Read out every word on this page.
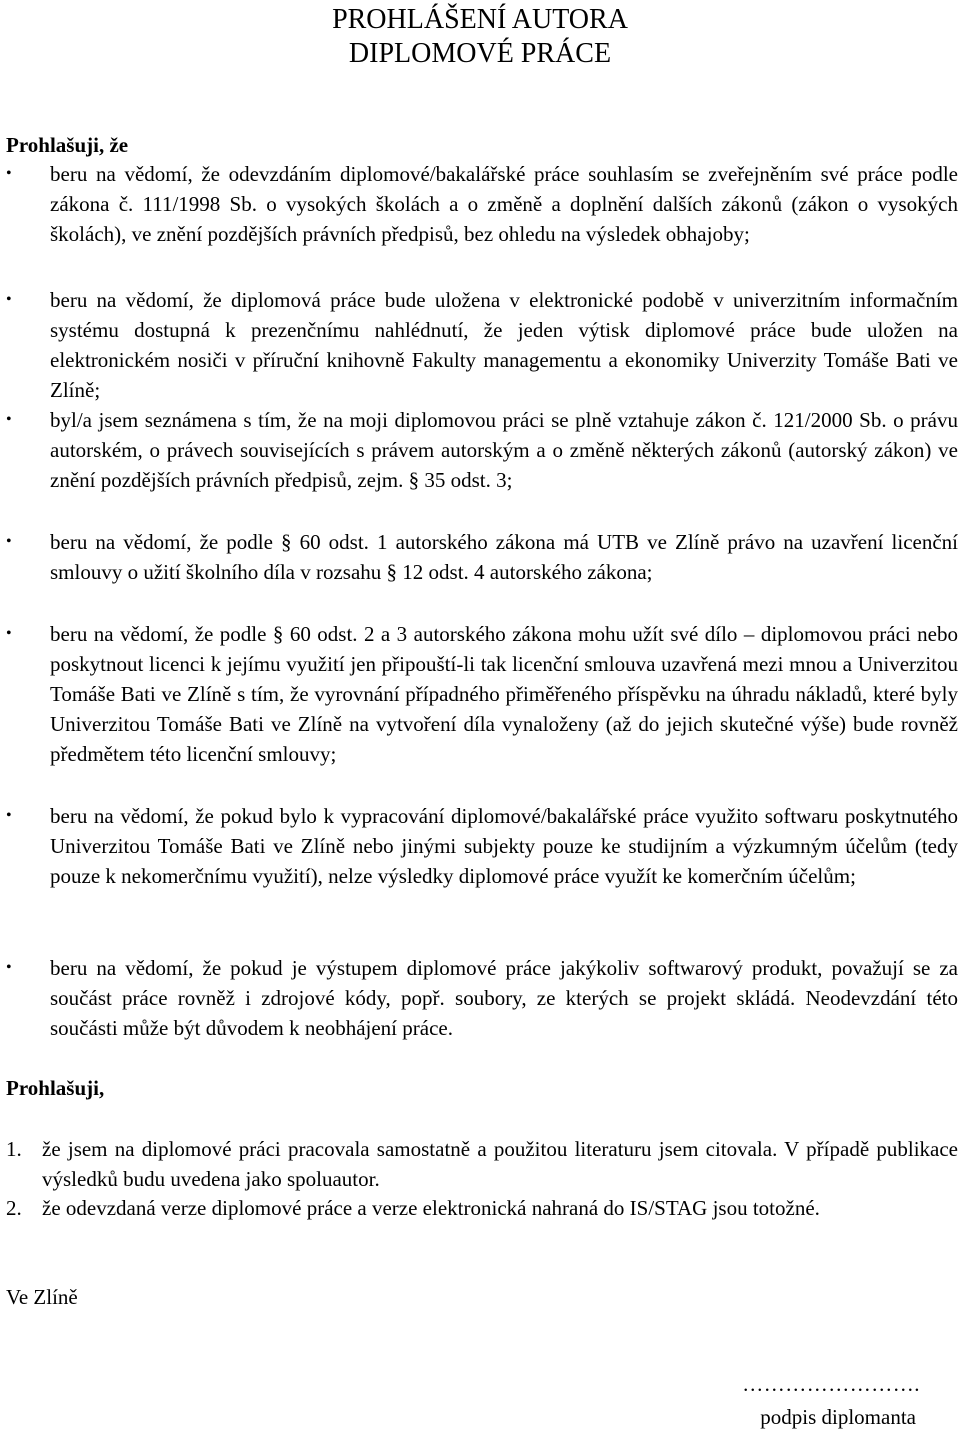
PROHLÁŠENÍ AUTORA
DIPLOMOVÉ PRÁCE
Prohlašuji, že
• beru na vědomí, že odevzdáním diplomové/bakalářské práce souhlasím se zveřejněním své práce podle zákona č. 111/1998 Sb. o vysokých školách a o změně a doplnění dalších zákonů (zákon o vysokých školách), ve znění pozdějších právních předpisů, bez ohledu na výsledek obhajoby;
• beru na vědomí, že diplomová práce bude uložena v elektronické podobě v univerzitním informačním systému dostupná k prezenčnímu nahlédnutí, že jeden výtisk diplomové práce bude uložen na elektronickém nosiči v příruční knihovně Fakulty managementu a ekonomiky Univerzity Tomáše Bati ve Zlíně;
• byl/a jsem seznámena s tím, že na moji diplomovou práci se plně vztahuje zákon č. 121/2000 Sb. o právu autorském, o právech souvisejících s právem autorským a o změně některých zákonů (autorský zákon) ve znění pozdějších právních předpisů, zejm. § 35 odst. 3;
• beru na vědomí, že podle § 60 odst. 1 autorského zákona má UTB ve Zlíně právo na uzavření licenční smlouvy o užití školního díla v rozsahu § 12 odst. 4 autorského zákona;
• beru na vědomí, že podle § 60 odst. 2 a 3 autorského zákona mohu užít své dílo – diplomovou práci nebo poskytnout licenci k jejímu využití jen připouští-li tak licenční smlouva uzavřená mezi mnou a Univerzitou Tomáše Bati ve Zlíně s tím, že vyrovnání případného přiměřeného příspěvku na úhradu nákladů, které byly Univerzitou Tomáše Bati ve Zlíně na vytvoření díla vynaloženy (až do jejich skutečné výše) bude rovněž předmětem této licenční smlouvy;
• beru na vědomí, že pokud bylo k vypracování diplomové/bakalářské práce využito softwaru poskytnutého Univerzitou Tomáše Bati ve Zlíně nebo jinými subjekty pouze ke studijním a výzkumným účelům (tedy pouze k nekomerčnímu využití), nelze výsledky diplomové práce využít ke komerčním účelům;
• beru na vědomí, že pokud je výstupem diplomové práce jakýkoliv softwarový produkt, považují se za součást práce rovněž i zdrojové kódy, popř. soubory, ze kterých se projekt skládá. Neodevzdání této součásti může být důvodem k neobhájení práce.
Prohlašuji,
1. že jsem na diplomové práci pracovala samostatně a použitou literaturu jsem citovala. V případě publikace výsledků budu uvedena jako spoluautor.
2. že odevzdaná verze diplomové práce a verze elektronická nahraná do IS/STAG jsou totožné.
Ve Zlíně
…………………….
podpis diplomanta
